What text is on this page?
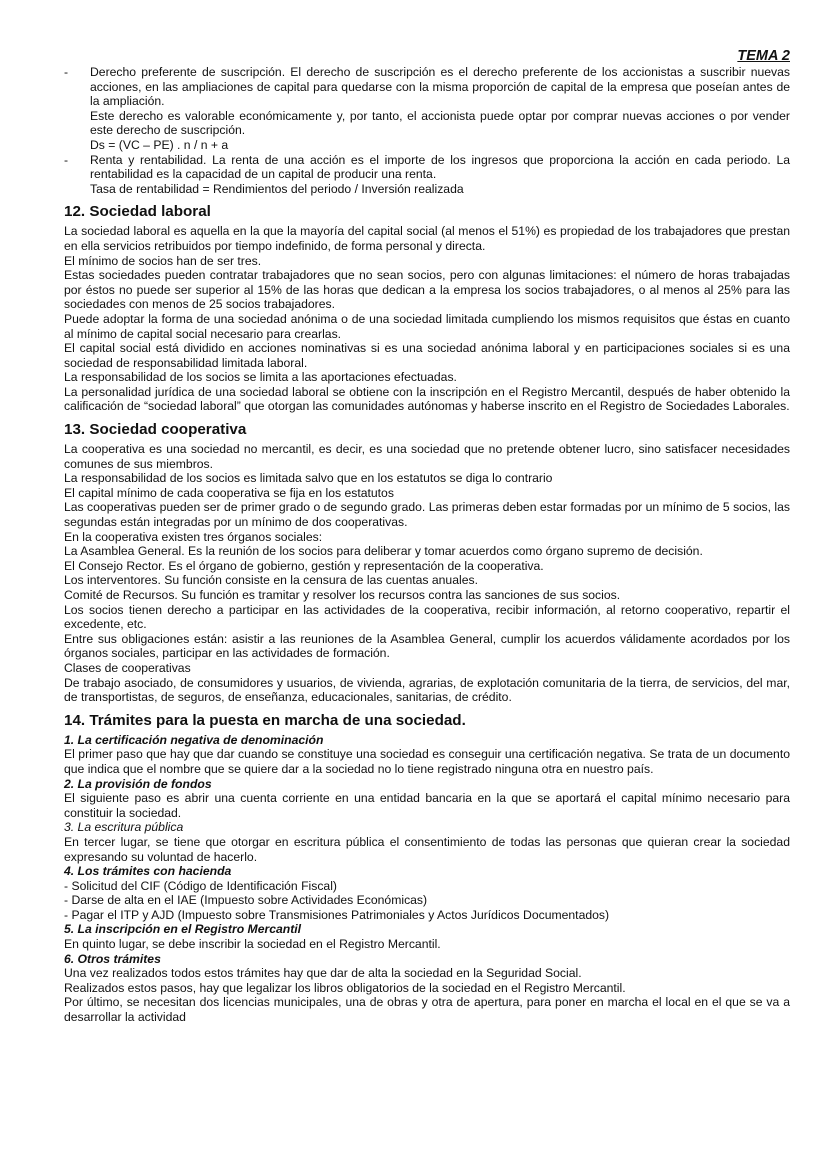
TEMA 2
- Derecho preferente de suscripción. El derecho de suscripción es el derecho preferente de los accionistas a suscribir nuevas acciones, en las ampliaciones de capital para quedarse con la misma proporción de capital de la empresa que poseían antes de la ampliación.

Este derecho es valorable económicamente y, por tanto, el accionista puede optar por comprar nuevas acciones o por vender este derecho de suscripción.

Ds = (VC – PE) . n / n + a

- Renta y rentabilidad. La renta de una acción es el importe de los ingresos que proporciona la acción en cada periodo. La rentabilidad es la capacidad de un capital de producir una renta.

Tasa de rentabilidad = Rendimientos del periodo / Inversión realizada

12. Sociedad laboral

La sociedad laboral es aquella en la que la mayoría del capital social (al menos el 51%) es propiedad de los trabajadores que prestan en ella servicios retribuidos por tiempo indefinido, de forma personal y directa.

El mínimo de socios han de ser tres.

Estas sociedades pueden contratar trabajadores que no sean socios, pero con algunas limitaciones: el número de horas trabajadas por éstos no puede ser superior al 15% de las horas que dedican a la empresa los socios trabajadores, o al menos al 25% para las sociedades con menos de 25 socios trabajadores.

Puede adoptar la forma de una sociedad anónima o de una sociedad limitada cumpliendo los mismos requisitos que éstas en cuanto al mínimo de capital social necesario para crearlas.

El capital social está dividido en acciones nominativas si es una sociedad anónima laboral y en participaciones sociales si es una sociedad de responsabilidad limitada laboral.

La responsabilidad de los socios se limita a las aportaciones efectuadas.

La personalidad jurídica de una sociedad laboral se obtiene con la inscripción en el Registro Mercantil, después de haber obtenido la calificación de “sociedad laboral” que otorgan las comunidades autónomas y haberse inscrito en el Registro de Sociedades Laborales.

13. Sociedad cooperativa

La cooperativa es una sociedad no mercantil, es decir, es una sociedad que no pretende obtener lucro, sino satisfacer necesidades comunes de sus miembros.

La responsabilidad de los socios es limitada salvo que en los estatutos se diga lo contrario

El capital mínimo de cada cooperativa se fija en los estatutos

Las cooperativas pueden ser de primer grado o de segundo grado. Las primeras deben estar formadas por un mínimo de 5 socios, las segundas están integradas por un mínimo de dos cooperativas.

En la cooperativa existen tres órganos sociales:

La Asamblea General. Es la reunión de los socios para deliberar y tomar acuerdos como órgano supremo de decisión.

El Consejo Rector. Es el órgano de gobierno, gestión y representación de la cooperativa.

Los interventores. Su función consiste en la censura de las cuentas anuales.

Comité de Recursos. Su función es tramitar y resolver los recursos contra las sanciones de sus socios.

Los socios tienen derecho a participar en las actividades de la cooperativa, recibir información, al retorno cooperativo, repartir el excedente, etc.

Entre sus obligaciones están: asistir a las reuniones de la Asamblea General, cumplir los acuerdos válidamente acordados por los órganos sociales, participar en las actividades de formación.

Clases de cooperativas

De trabajo asociado, de consumidores y usuarios, de vivienda, agrarias, de explotación comunitaria de la tierra, de servicios, del mar, de transportistas, de seguros, de enseñanza, educacionales, sanitarias, de crédito.

14. Trámites para la puesta en marcha de una sociedad.
1. La certificación negativa de denominación

El primer paso que hay que dar cuando se constituye una sociedad es conseguir una certificación negativa. Se trata de un documento que indica que el nombre que se quiere dar a la sociedad no lo tiene registrado ninguna otra en nuestro país.

2. La provisión de fondos

El siguiente paso es abrir una cuenta corriente en una entidad bancaria en la que se aportará el capital mínimo necesario para constituir la sociedad.

3. La escritura pública

En tercer lugar, se tiene que otorgar en escritura pública el consentimiento de todas las personas que quieran crear la sociedad expresando su voluntad de hacerlo.

4. Los trámites con hacienda

- Solicitud del CIF (Código de Identificación Fiscal)

- Darse de alta en el IAE (Impuesto sobre Actividades Económicas)

- Pagar el ITP y AJD (Impuesto sobre Transmisiones Patrimoniales y Actos Jurídicos Documentados)

5. La inscripción en el Registro Mercantil

En quinto lugar, se debe inscribir la sociedad en el Registro Mercantil.

6. Otros trámites

Una vez realizados todos estos trámites hay que dar de alta la sociedad en la Seguridad Social.

Realizados estos pasos, hay que legalizar los libros obligatorios de la sociedad en el Registro Mercantil.

Por último, se necesitan dos licencias municipales, una de obras y otra de apertura, para poner en marcha el local en el que se va a desarrollar la actividad
